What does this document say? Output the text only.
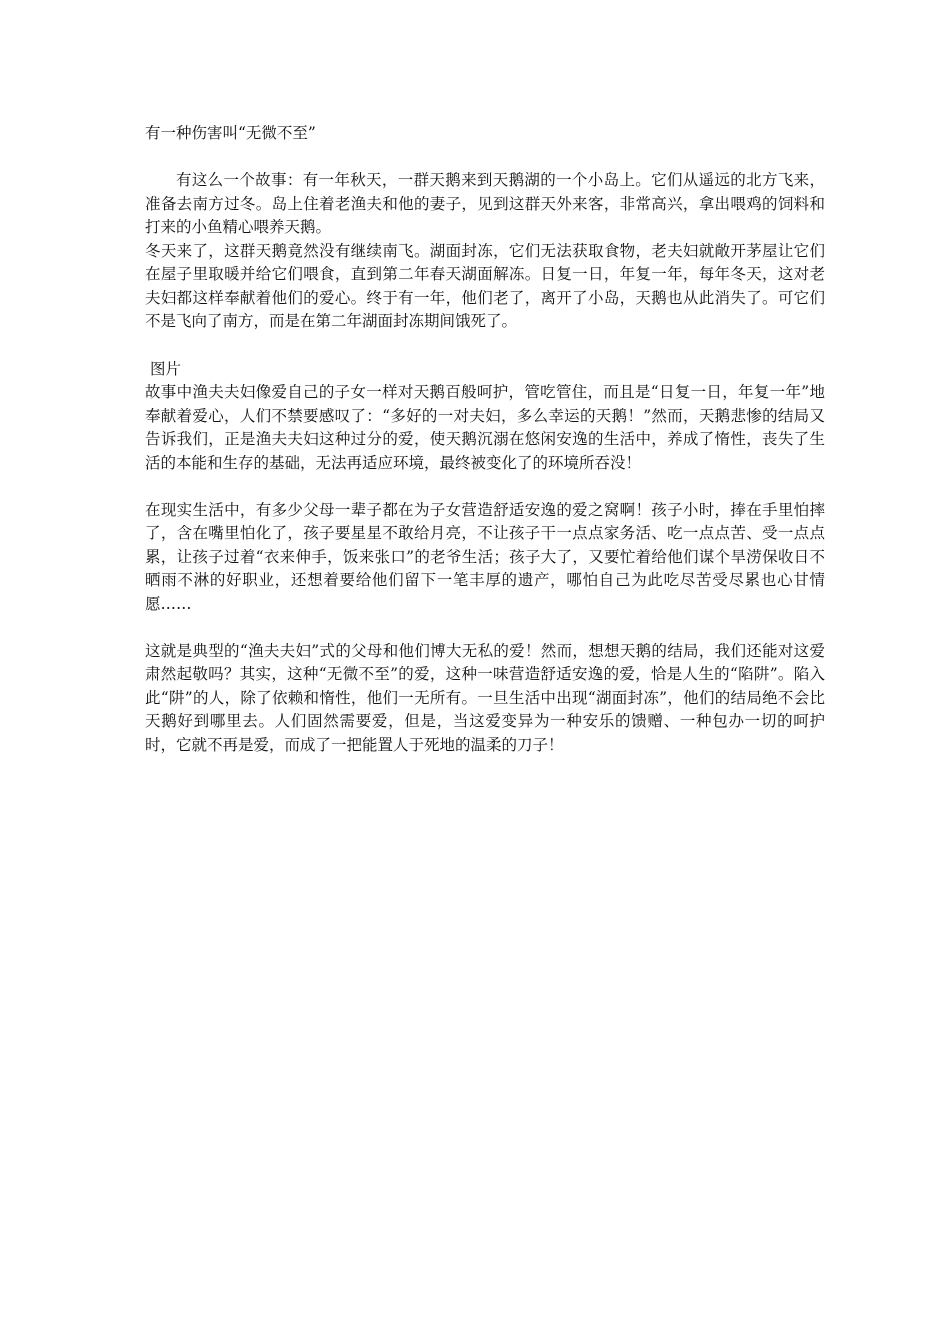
有一种伤害叫“无微不至”

有这么一个故事：有一年秋天，一群天鹅来到天鹅湖的一个小岛上。它们从遥远的北方飞来，准备去南方过冬。岛上住着老渔夫和他的妻子，见到这群天外来客，非常高兴，拿出喂鸡的饲料和打来的小鱼精心喂养天鹅。

冬天来了，这群天鹅竟然没有继续南飞。湖面封冻，它们无法获取食物，老夫妇就敞开茅屋让它们在屋子里取暖并给它们喂食，直到第二年春天湖面解冻。日复一日，年复一年，每年冬天，这对老夫妇都这样奉献着他们的爱心。终于有一年，他们老了，离开了小岛，天鹅也从此消失了。可它们不是飞向了南方，而是在第二年湖面封冻期间饿死了。

图片

故事中渔夫夫妇像爱自己的子女一样对天鹅百般呵护，管吃管住，而且是“日复一日，年复一年”地奉献着爱心，人们不禁要感叹了：“多好的一对夫妇，多么幸运的天鹅！”然而，天鹅悲惨的结局又告诉我们，正是渔夫夫妇这种过分的爱，使天鹅沉溺在悠闲安逸的生活中，养成了惰性，丧失了生活的本能和生存的基础，无法再适应环境，最终被变化了的环境所吞没！

在现实生活中，有多少父母一辈子都在为子女营造舒适安逸的爱之窝啊！孩子小时，捧在手里怕摔了，含在嘴里怕化了，孩子要星星不敢给月亮，不让孩子干一点点家务活、吃一点点苦、受一点点累，让孩子过着“衣来伸手，饭来张口”的老爷生活；孩子大了，又要忙着给他们谋个旱涝保收日不晒雨不淋的好职业，还想着要给他们留下一笔丰厚的遗产，哪怕自己为此吃尽苦受尽累也心甘情愿……

这就是典型的“渔夫夫妇”式的父母和他们博大无私的爱！然而，想想天鹅的结局，我们还能对这爱肃然起敬吗？其实，这种“无微不至”的爱，这种一味营造舒适安逸的爱，恰是人生的“陷阱”。陷入此“阱”的人，除了依赖和惰性，他们一无所有。一旦生活中出现“湖面封冻”，他们的结局绝不会比天鹅好到哪里去。人们固然需要爱，但是，当这爱变异为一种安乐的馈赠、一种包办一切的呵护时，它就不再是爱，而成了一把能置人于死地的温柔的刀子！
